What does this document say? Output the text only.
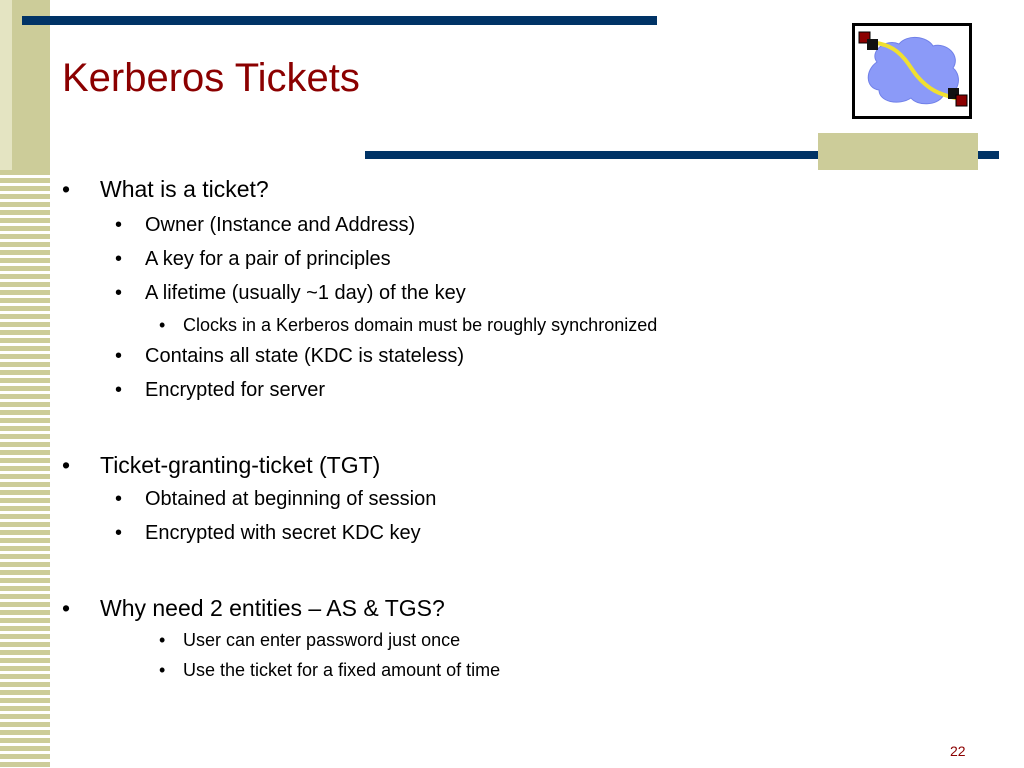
Kerberos Tickets
• What is a ticket?
• Owner (Instance and Address)
• A key for a pair of principles
• A lifetime (usually ~1 day) of the key
• Clocks in a Kerberos domain must be roughly synchronized
• Contains all state (KDC is stateless)
• Encrypted for server
• Ticket-granting-ticket (TGT)
• Obtained at beginning of session
• Encrypted with secret KDC key
• Why need 2 entities – AS & TGS?
• User can enter password just once
• Use the ticket for a fixed amount of time
22
